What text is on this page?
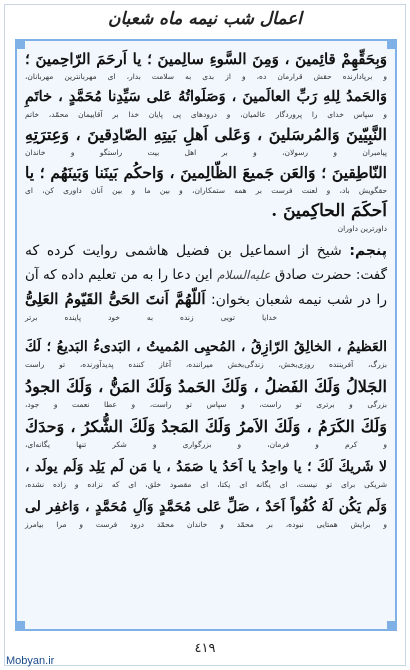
اعمال شب نیمه ماه شعبان
وَبِحَقِّهِمْ قائِمينَ ، وَمِنَ السَّوءِ سالِمينَ ؛ يا اَرحَمَ الرّاحِمينَ ؛
و برپادارنده حقش قرارمان ده، و از بدی به سلامت بدار، ای مهربانترین مهربانان،
وَالحَمدُ لِلهِ رَبِّ العالَمينَ ، وَصَلَواتُهُ عَلی سَيِّدِنا مُحَمَّدٍ ، خاتَمِ
و سپاس خدای را پروردگار عالمیان، و درودهای پی‌ پایان خدا بر آقاییمان محمّد، خاتم
النَّبِيّينَ وَالمُرسَلينَ ، وَعَلی اَهلِ بَيتِهِ الصّادِقينَ ، وَعِترَتِهِ
پیامبران و رسولان، و بر اهل بیت راستگو و خاندان
النّاطِقينَ ؛ وَالعَن جَميعَ الظّالِمينَ ، وَاحكُم بَينَنا وَبَينَهُم ؛ يا
حقگویش باد، و لعنت فرست بر همه ستمکاران، و بین ما و بین آنان داوری کن، ای
اَحكَمَ الحاكِمينَ .
داورترین داوران
پنجم: شیخ از اسماعیل بن فضیل هاشمی روایت کرده که
گفت: حضرت صادق عليه‌السلام این دعا را به من تعلیم داده که آن
را در شب نیمه شعبان بخوان: اَللّهُمَّ اَنتَ الحَیُّ القَيّومُ العَلِیُّ
خدایا تویی زنده به خود پاینده برتر
العَظيمُ ، الخالِقُ الرّازِقُ ، المُحيِی المُميتُ ، البَدیءُ البَديعُ ؛ لَكَ
بزرگ، آفریننده روزی‌بخش، زندگی‌بخش میراننده، آغاز کننده پدیدآورنده، تو راست
الجَلالُ وَلَكَ الفَضلُ ، وَلَكَ الحَمدُ وَلَكَ المَنُّ ، وَلَكَ الجودُ
بزرگی و برتری تو راست، و سپاس تو راست، و عطا نعمت و جود،
وَلَكَ الكَرَمُ ، وَلَكَ الاَمرُ وَلَكَ المَجدُ وَلَكَ الشُّكرُ ، وَحدَكَ
و کرم و فرمان، و بزرگواری و شکر تنها یگانه‌ای،
لا شَريكَ لَكَ ؛ يا واحِدُ يا اَحَدُ يا صَمَدُ ، يا مَن لَم يَلِد وَلَم يولَد ،
شریکی برای تو نیست، ای یگانه ای یکتا، ای مقصود خلق، ای که نزاده و زاده نشده،
وَلَم يَكُن لَهُ كُفُواً اَحَدٌ ، صَلِّ عَلی مُحَمَّدٍ وَآلِ مُحَمَّدٍ ، وَاغفِر لی
و برایش همتایی نبوده، بر محمّد و خاندان محمّد درود فرست و مرا بیامرز
٤١٩
Mobyan.ir
